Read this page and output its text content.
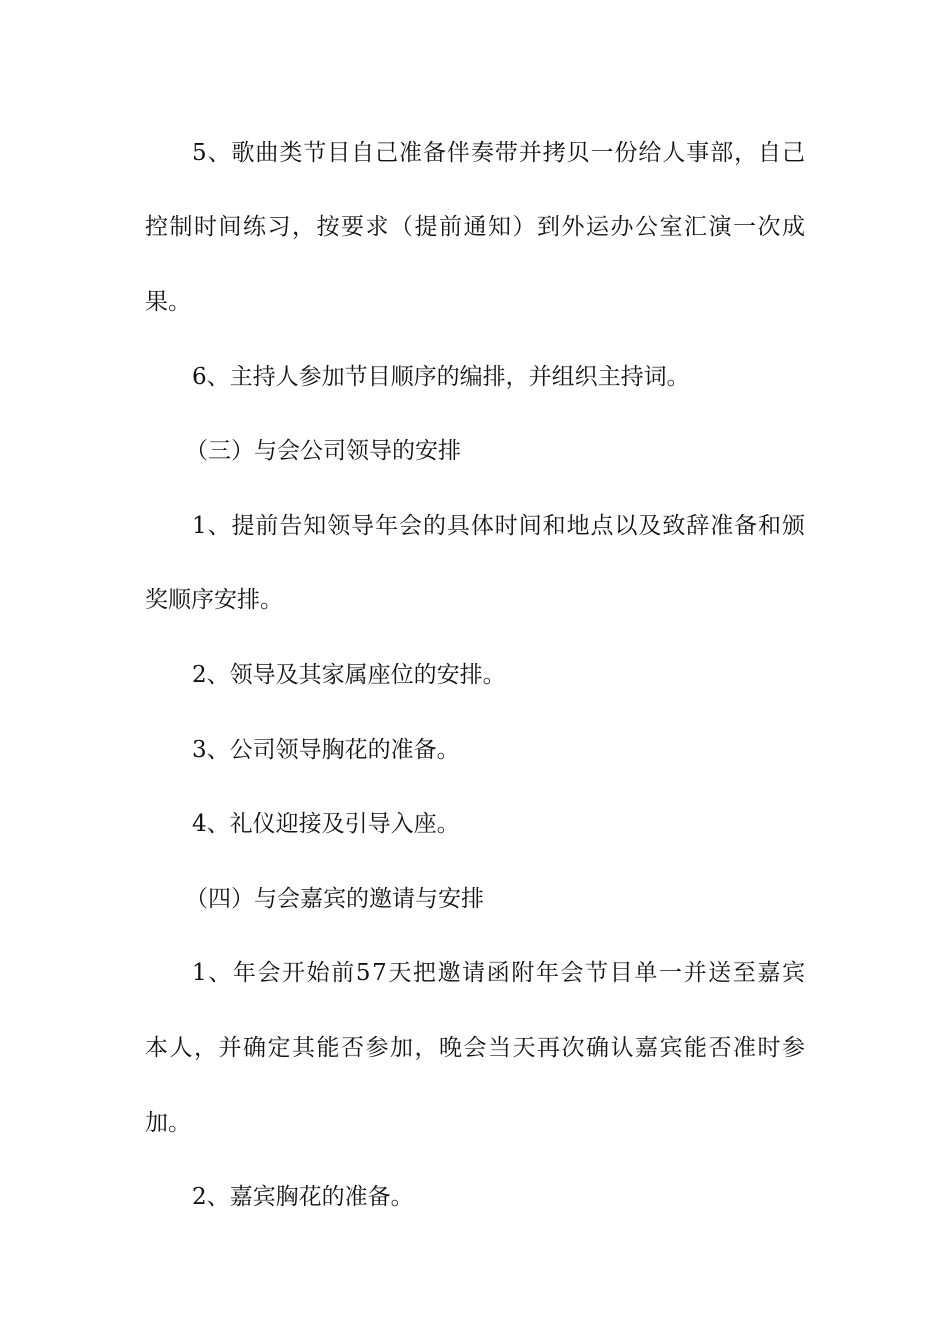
5、歌曲类节目自己准备伴奏带并拷贝一份给人事部，自己
控制时间练习，按要求（提前通知）到外运办公室汇演一次成
果。
6、主持人参加节目顺序的编排，并组织主持词。
（三）与会公司领导的安排
1、提前告知领导年会的具体时间和地点以及致辞准备和颁
奖顺序安排。
2、领导及其家属座位的安排。
3、公司领导胸花的准备。
4、礼仪迎接及引导入座。
（四）与会嘉宾的邀请与安排
1、年会开始前57天把邀请函附年会节目单一并送至嘉宾
本人，并确定其能否参加，晚会当天再次确认嘉宾能否准时参
加。
2、嘉宾胸花的准备。
